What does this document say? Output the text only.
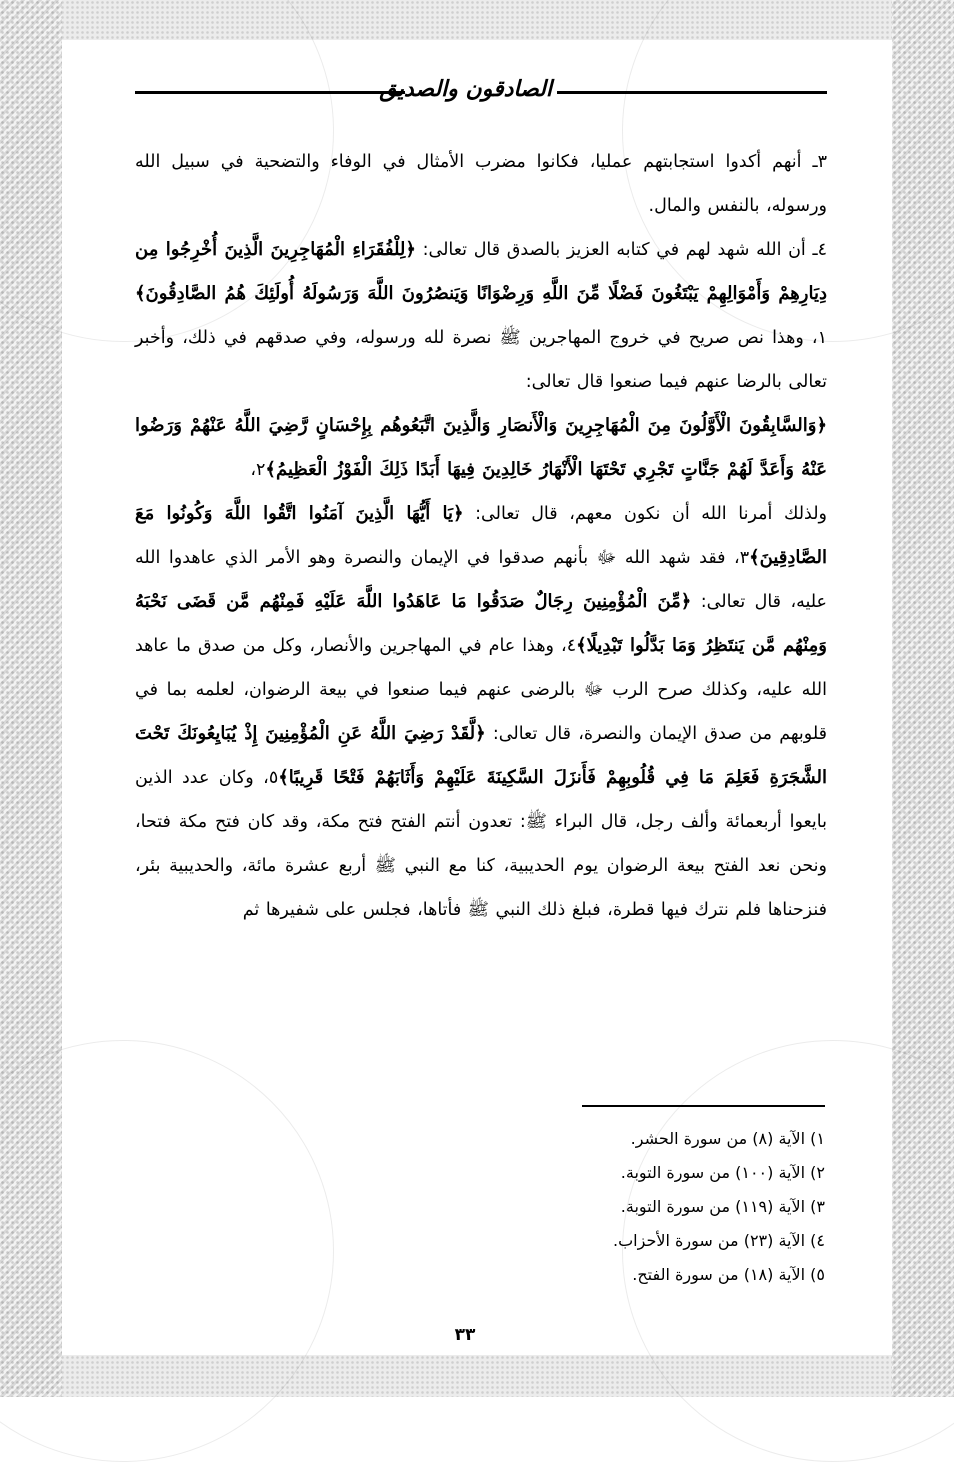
الصادقون والصديق

٣ـ أنهم أكدوا استجابتهم عمليا، فكانوا مضرب الأمثال في الوفاء والتضحية في سبيل الله ورسوله، بالنفس والمال.

٤ـ أن الله شهد لهم في كتابه العزيز بالصدق قال تعالى: ﴿لِلْفُقَرَاءِ الْمُهَاجِرِينَ الَّذِينَ أُخْرِجُوا مِن دِيَارِهِمْ وَأَمْوَالِهِمْ يَبْتَغُونَ فَضْلًا مِّنَ اللَّهِ وَرِضْوَانًا وَيَنصُرُونَ اللَّهَ وَرَسُولَهُ أُولَئِكَ هُمُ الصَّادِقُونَ﴾١، وهذا نص صريح في خروج المهاجرين ﷺ نصرة لله ورسوله، وفي صدقهم في ذلك، وأخبر تعالى بالرضا عنهم فيما صنعوا قال تعالى:

﴿وَالسَّابِقُونَ الْأَوَّلُونَ مِنَ الْمُهَاجِرِينَ وَالْأَنصَارِ وَالَّذِينَ اتَّبَعُوهُم بِإِحْسَانٍ رَّضِيَ اللَّهُ عَنْهُمْ وَرَضُوا عَنْهُ وَأَعَدَّ لَهُمْ جَنَّاتٍ تَجْرِي تَحْتَهَا الْأَنْهَارُ خَالِدِينَ فِيهَا أَبَدًا ذَلِكَ الْفَوْزُ الْعَظِيمُ﴾٢،

ولذلك أمرنا الله أن نكون معهم، قال تعالى: ﴿يَا أَيُّهَا الَّذِينَ آمَنُوا اتَّقُوا اللَّهَ وَكُونُوا مَعَ الصَّادِقِينَ﴾٣، فقد شهد الله ﷻ بأنهم صدقوا في الإيمان والنصرة وهو الأمر الذي عاهدوا الله عليه، قال تعالى: ﴿مِّنَ الْمُؤْمِنِينَ رِجَالٌ صَدَقُوا مَا عَاهَدُوا اللَّهَ عَلَيْهِ فَمِنْهُم مَّن قَضَى نَحْبَهُ وَمِنْهُم مَّن يَنتَظِرُ وَمَا بَدَّلُوا تَبْدِيلًا﴾٤، وهذا عام في المهاجرين والأنصار، وكل من صدق ما عاهد الله عليه، وكذلك صرح الرب ﷻ بالرضى عنهم فيما صنعوا في بيعة الرضوان، لعلمه بما في قلوبهم من صدق الإيمان والنصرة، قال تعالى: ﴿لَّقَدْ رَضِيَ اللَّهُ عَنِ الْمُؤْمِنِينَ إِذْ يُبَايِعُونَكَ تَحْتَ الشَّجَرَةِ فَعَلِمَ مَا فِي قُلُوبِهِمْ فَأَنزَلَ السَّكِينَةَ عَلَيْهِمْ وَأَثَابَهُمْ فَتْحًا قَرِيبًا﴾٥، وكان عدد الذين بايعوا أربعمائة وألف رجل، قال البراء ﷺ: تعدون أنتم الفتح فتح مكة، وقد كان فتح مكة فتحا، ونحن نعد الفتح بيعة الرضوان يوم الحديبية، كنا مع النبي ﷺ أربع عشرة مائة، والحديبية بئر، فنزحناها فلم نترك فيها قطرة، فبلغ ذلك النبي ﷺ فأتاها، فجلس على شفيرها ثم

١) الآية (٨) من سورة الحشر.
٢) الآية (١٠٠) من سورة التوبة.
٣) الآية (١١٩) من سورة التوبة.
٤) الآية (٢٣) من سورة الأحزاب.
٥) الآية (١٨) من سورة الفتح.
٣٣
